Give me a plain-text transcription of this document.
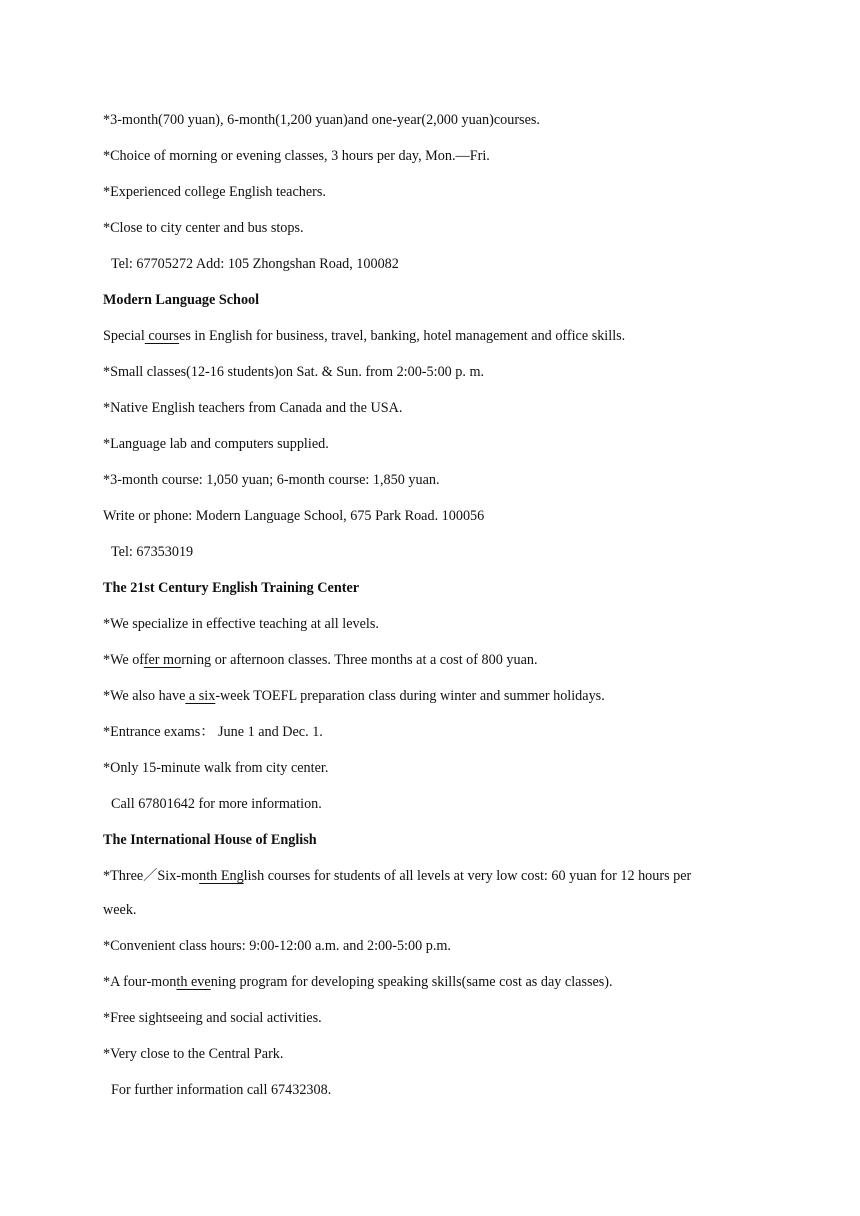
*3-month(700 yuan), 6-month(1,200 yuan)and one-year(2,000 yuan)courses.
*Choice of morning or evening classes, 3 hours per day, Mon.—Fri.
*Experienced college English teachers.
*Close to city center and bus stops.
Tel: 67705272 Add: 105 Zhongshan Road, 100082
Modern Language School
Special courses in English for business, travel, banking, hotel management and office skills.
*Small classes(12-16 students)on Sat. & Sun. from 2:00-5:00 p. m.
*Native English teachers from Canada and the USA.
*Language lab and computers supplied.
*3-month course: 1,050 yuan; 6-month course: 1,850 yuan.
Write or phone: Modern Language School, 675 Park Road. 100056
Tel: 67353019
The 21st Century English Training Center
*We specialize in effective teaching at all levels.
*We offer morning or afternoon classes. Three months at a cost of 800 yuan.
*We also have a six-week TOEFL preparation class during winter and summer holidays.
*Entrance exams： June 1 and Dec. 1.
*Only 15-minute walk from city center.
Call 67801642 for more information.
The International House of English
*Three／Six-month English courses for students of all levels at very low cost: 60 yuan for 12 hours per
week.
*Convenient class hours: 9:00-12:00 a.m. and 2:00-5:00 p.m.
*A four-month evening program for developing speaking skills(same cost as day classes).
*Free sightseeing and social activities.
*Very close to the Central Park.
For further information call 67432308.
